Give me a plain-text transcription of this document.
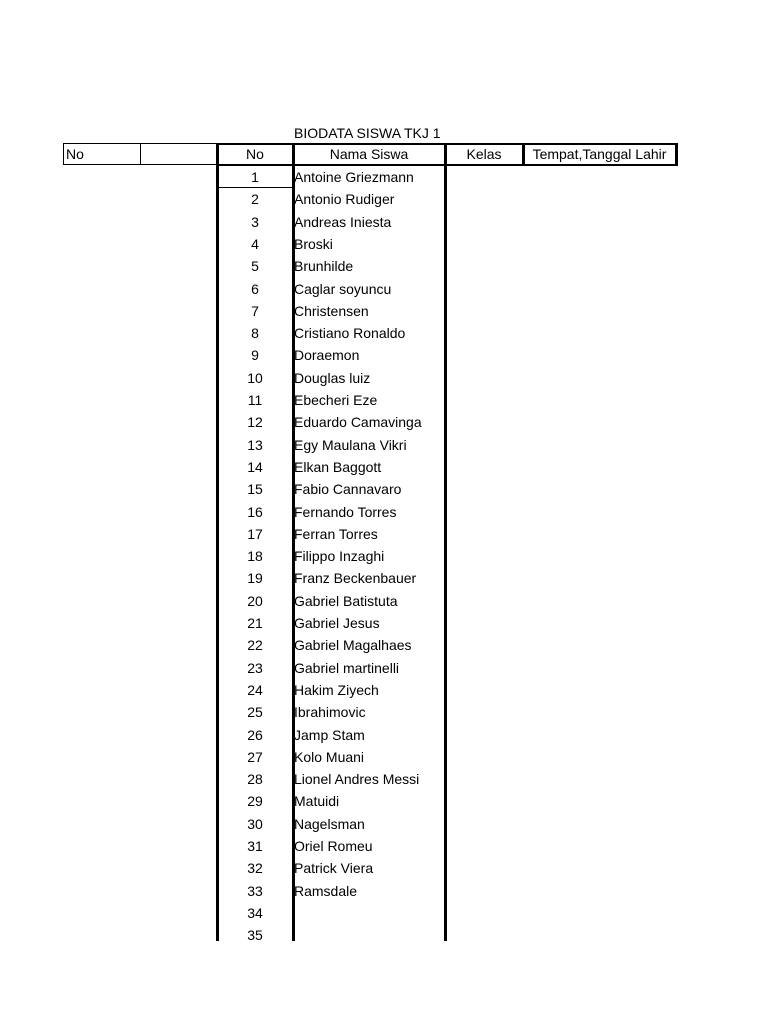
BIODATA SISWA TKJ 1
No	No	Nama Siswa	Kelas	Tempat,Tanggal Lahir
1	Antoine Griezmann
2	Antonio Rudiger
3	Andreas Iniesta
4	Broski
5	Brunhilde
6	Caglar soyuncu
7	Christensen
8	Cristiano Ronaldo
9	Doraemon
10	Douglas luiz
11	Ebecheri Eze
12	Eduardo Camavinga
13	Egy Maulana Vikri
14	Elkan Baggott
15	Fabio Cannavaro
16	Fernando Torres
17	Ferran Torres
18	Filippo Inzaghi
19	Franz Beckenbauer
20	Gabriel Batistuta
21	Gabriel Jesus
22	Gabriel Magalhaes
23	Gabriel martinelli
24	Hakim Ziyech
25	Ibrahimovic
26	Jamp Stam
27	Kolo Muani
28	Lionel Andres Messi
29	Matuidi
30	Nagelsman
31	Oriel Romeu
32	Patrick Viera
33	Ramsdale
34
35
